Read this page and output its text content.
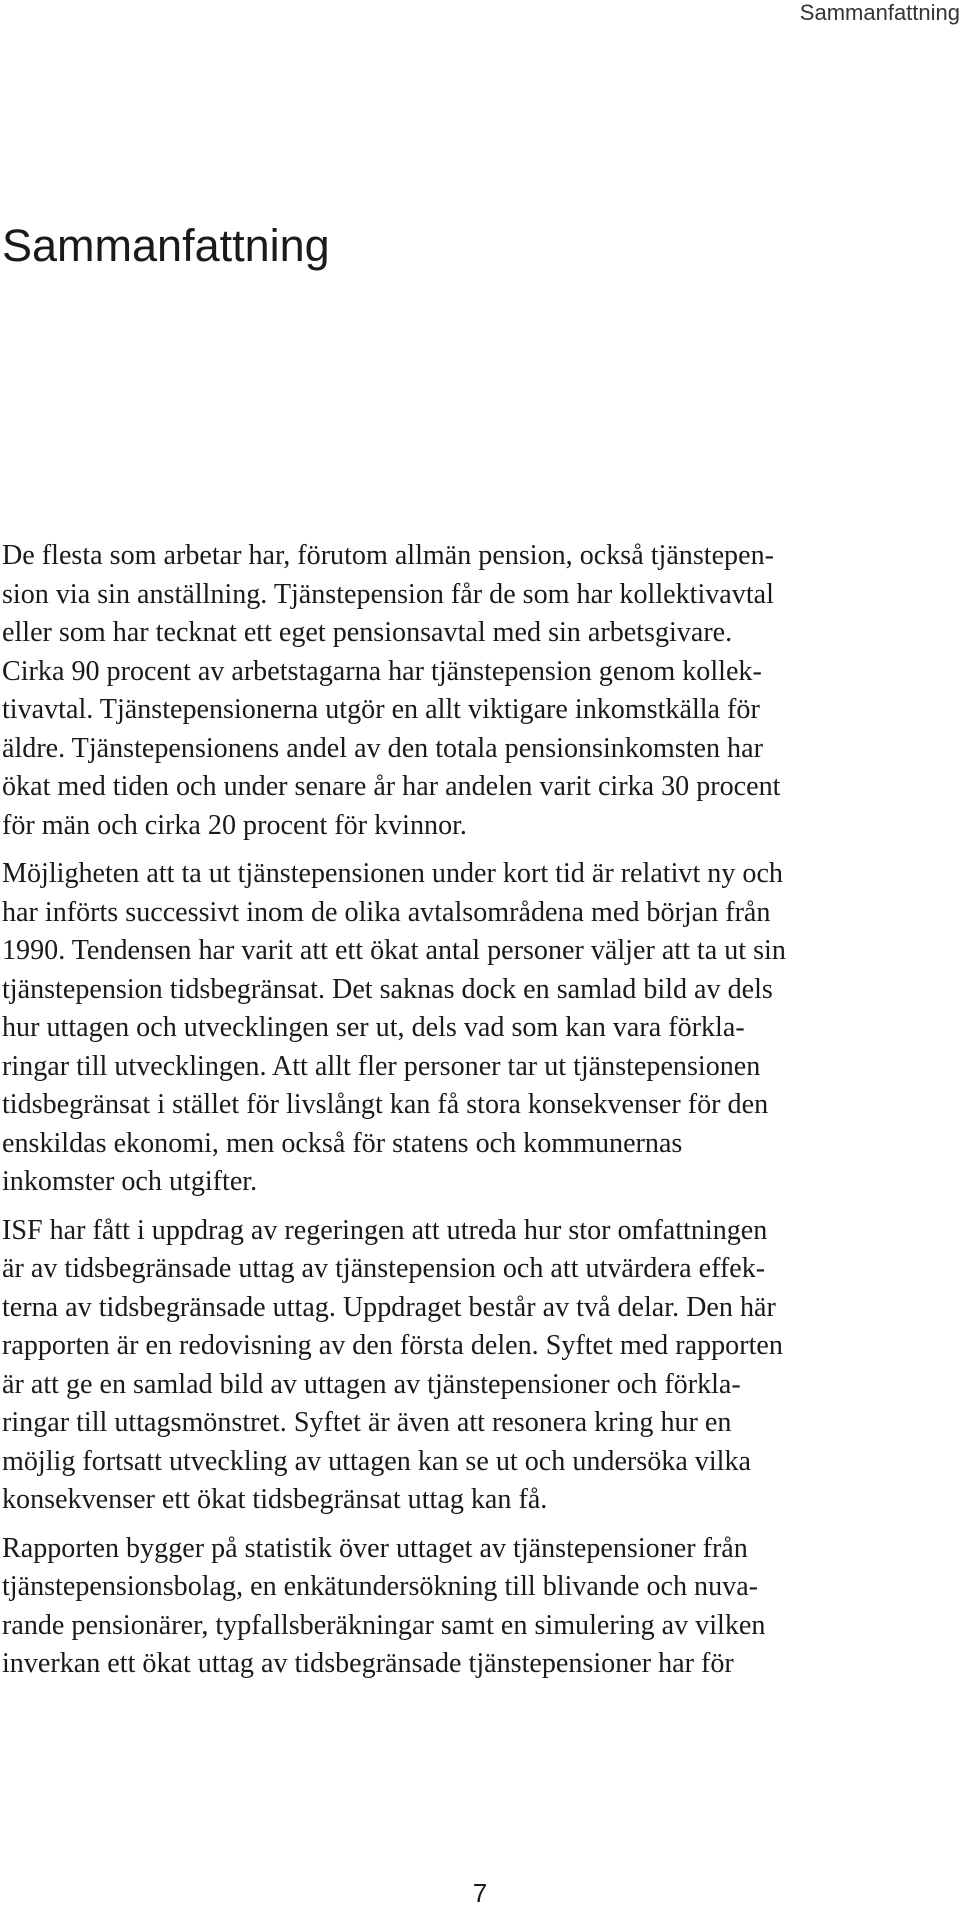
Sammanfattning
Sammanfattning

De flesta som arbetar har, förutom allmän pension, också tjänstepen-
sion via sin anställning. Tjänstepension får de som har kollektivavtal
eller som har tecknat ett eget pensionsavtal med sin arbetsgivare.
Cirka 90 procent av arbetstagarna har tjänstepension genom kollek-
tivavtal. Tjänstepensionerna utgör en allt viktigare inkomstkälla för
äldre. Tjänstepensionens andel av den totala pensionsinkomsten har
ökat med tiden och under senare år har andelen varit cirka 30 procent
för män och cirka 20 procent för kvinnor.

Möjligheten att ta ut tjänstepensionen under kort tid är relativt ny och
har införts successivt inom de olika avtalsområdena med början från
1990. Tendensen har varit att ett ökat antal personer väljer att ta ut sin
tjänstepension tidsbegränsat. Det saknas dock en samlad bild av dels
hur uttagen och utvecklingen ser ut, dels vad som kan vara förkla-
ringar till utvecklingen. Att allt fler personer tar ut tjänstepensionen
tidsbegränsat i stället för livslångt kan få stora konsekvenser för den
enskildas ekonomi, men också för statens och kommunernas
inkomster och utgifter.

ISF har fått i uppdrag av regeringen att utreda hur stor omfattningen
är av tidsbegränsade uttag av tjänstepension och att utvärdera effek-
terna av tidsbegränsade uttag. Uppdraget består av två delar. Den här
rapporten är en redovisning av den första delen. Syftet med rapporten
är att ge en samlad bild av uttagen av tjänstepensioner och förkla-
ringar till uttagsmönstret. Syftet är även att resonera kring hur en
möjlig fortsatt utveckling av uttagen kan se ut och undersöka vilka
konsekvenser ett ökat tidsbegränsat uttag kan få.

Rapporten bygger på statistik över uttaget av tjänstepensioner från
tjänstepensionsbolag, en enkätundersökning till blivande och nuva-
rande pensionärer, typfallsberäkningar samt en simulering av vilken
inverkan ett ökat uttag av tidsbegränsade tjänstepensioner har för

7
